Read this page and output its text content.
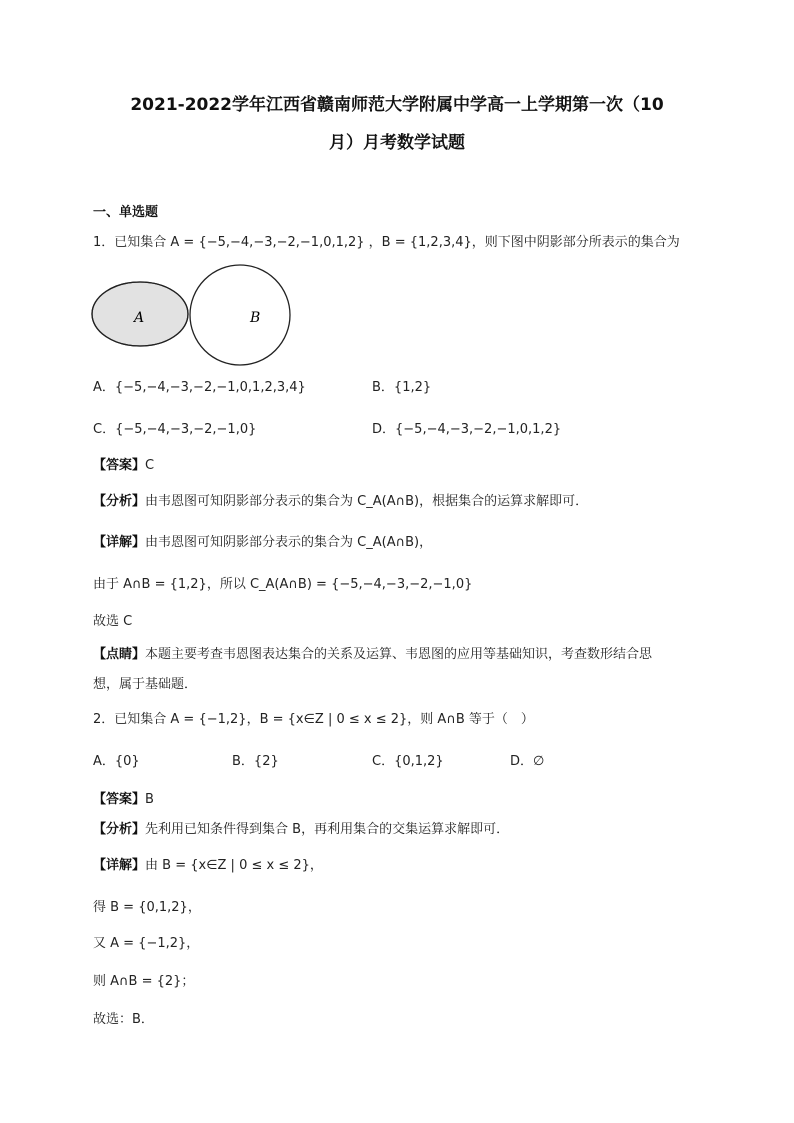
2021-2022学年江西省赣南师范大学附属中学高一上学期第一次（10
月）月考数学试题
一、单选题
1．已知集合 A = {−5,−4,−3,−2,−1,0,1,2} ，B = {1,2,3,4}，则下图中阴影部分所表示的集合为
A	B
A．{−5,−4,−3,−2,−1,0,1,2,3,4}	B．{1,2}
C．{−5,−4,−3,−2,−1,0}	D．{−5,−4,−3,−2,−1,0,1,2}
【答案】C
【分析】由韦恩图可知阴影部分表示的集合为 C_A(A∩B)，根据集合的运算求解即可．
【详解】由韦恩图可知阴影部分表示的集合为 C_A(A∩B)，
由于 A∩B = {1,2}，所以 C_A(A∩B) = {−5,−4,−3,−2,−1,0}
故选 C
【点睛】本题主要考查韦恩图表达集合的关系及运算、韦恩图的应用等基础知识，考查数形结合思
想，属于基础题．
2．已知集合 A = {−1,2}，B = {x∈Z | 0 ≤ x ≤ 2}，则 A∩B 等于（　）
A．{0}	B．{2}	C．{0,1,2}	D．∅
【答案】B
【分析】先利用已知条件得到集合 B，再利用集合的交集运算求解即可．
【详解】由 B = {x∈Z | 0 ≤ x ≤ 2}，
得 B = {0,1,2}，
又 A = {−1,2}，
则 A∩B = {2}；
故选：B．
